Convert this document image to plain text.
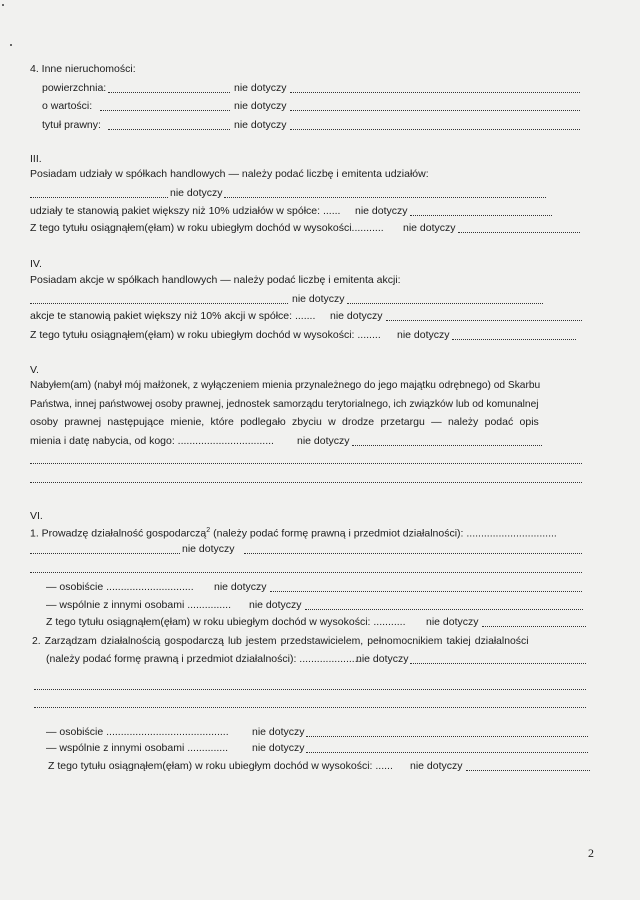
4. Inne nieruchomości:
powierzchnia:	nie dotyczy
o wartości:	nie dotyczy
tytuł prawny:	nie dotyczy
III.
Posiadam udziały w spółkach handlowych — należy podać liczbę i emitenta udziałów:
nie dotyczy
udziały te stanowią pakiet większy niż 10% udziałów w spółce: ...... nie dotyczy
Z tego tytułu osiągnąłem(ęłam) w roku ubiegłym dochód w wysokości........... nie dotyczy
IV.
Posiadam akcje w spółkach handlowych — należy podać liczbę i emitenta akcji:
nie dotyczy
akcje te stanowią pakiet większy niż 10% akcji w spółce: ....... nie dotyczy
Z tego tytułu osiągnąłem(ęłam) w roku ubiegłym dochód w wysokości: ........ nie dotyczy
V.
Nabyłem(am) (nabył mój małżonek, z wyłączeniem mienia przynależnego do jego majątku odrębnego) od Skarbu
Państwa, innej państwowej osoby prawnej, jednostek samorządu terytorialnego, ich związków lub od komunalnej
osoby prawnej następujące mienie, które podlegało zbyciu w drodze przetargu — należy podać opis
mienia i datę nabycia, od kogo: ................................. nie dotyczy
VI.
1. Prowadzę działalność gospodarczą$^2$ (należy podać formę prawną i przedmiot działalności): ...............................
nie dotyczy
— osobiście .............................. nie dotyczy
— wspólnie z innymi osobami ............... nie dotyczy
Z tego tytułu osiągnąłem(ęłam) w roku ubiegłym dochód w wysokości: ........... nie dotyczy
2. Zarządzam działalnością gospodarczą lub jestem przedstawicielem, pełnomocnikiem takiej działalności
(należy podać formę prawną i przedmiot działalności): .....................
nie dotyczy
— osobiście .......................................... nie dotyczy
— wspólnie z innymi osobami .............. nie dotyczy
Z tego tytułu osiągnąłem(ęłam) w roku ubiegłym dochód w wysokości: ...... nie dotyczy
2
